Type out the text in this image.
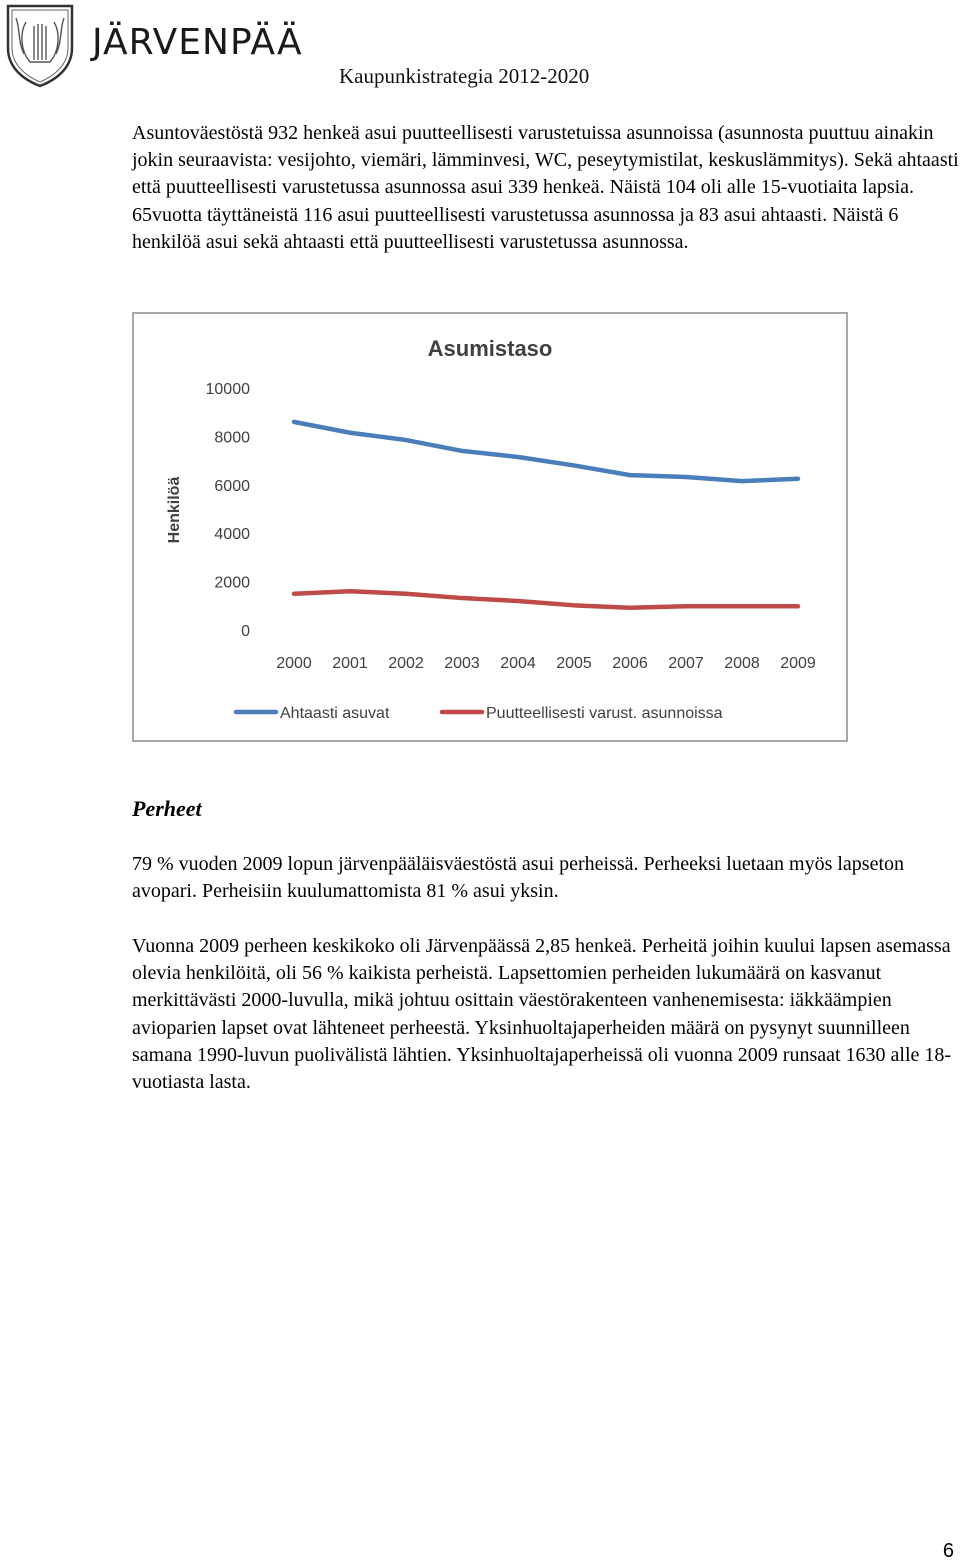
JÄRVENPÄÄ
Kaupunkistrategia 2012-2020

Asuntoväestöstä 932 henkeä asui puutteellisesti varustetuissa asunnoissa (asunnosta puuttuu ainakin jokin seuraavista: vesijohto, viemäri, lämminvesi, WC, peseytymistilat, keskuslämmitys). Sekä ahtaasti että puutteellisesti varustetussa asunnossa asui 339 henkeä. Näistä 104 oli alle 15-vuotiaita lapsia. 65vuotta täyttäneistä 116 asui puutteellisesti varustetussa asunnossa ja 83 asui ahtaasti. Näistä 6 henkilöä asui sekä ahtaasti että puutteellisesti varustetussa asunnossa.

Asumistaso
Henkilöä
0
2000
4000
6000
8000
10000
2000 2001 2002 2003 2004 2005 2006 2007 2008 2009
Ahtaasti asuvat	Puutteellisesti varust. asunnoissa
Perheet

79 % vuoden 2009 lopun järvenpääläisväestöstä asui perheissä. Perheeksi luetaan myös lapseton avopari. Perheisiin kuulumattomista 81 % asui yksin.

Vuonna 2009 perheen keskikoko oli Järvenpäässä 2,85 henkeä. Perheitä joihin kuului lapsen asemassa olevia henkilöitä, oli 56 % kaikista perheistä. Lapsettomien perheiden lukumäärä on kasvanut merkittävästi 2000-luvulla, mikä johtuu osittain väestörakenteen vanhenemisesta: iäkkäämpien avioparien lapset ovat lähteneet perheestä. Yksinhuoltajaperheiden määrä on pysynyt suunnilleen samana 1990-luvun puolivälistä lähtien. Yksinhuoltajaperheissä oli vuonna 2009 runsaat 1630 alle 18-vuotiasta lasta.

6
